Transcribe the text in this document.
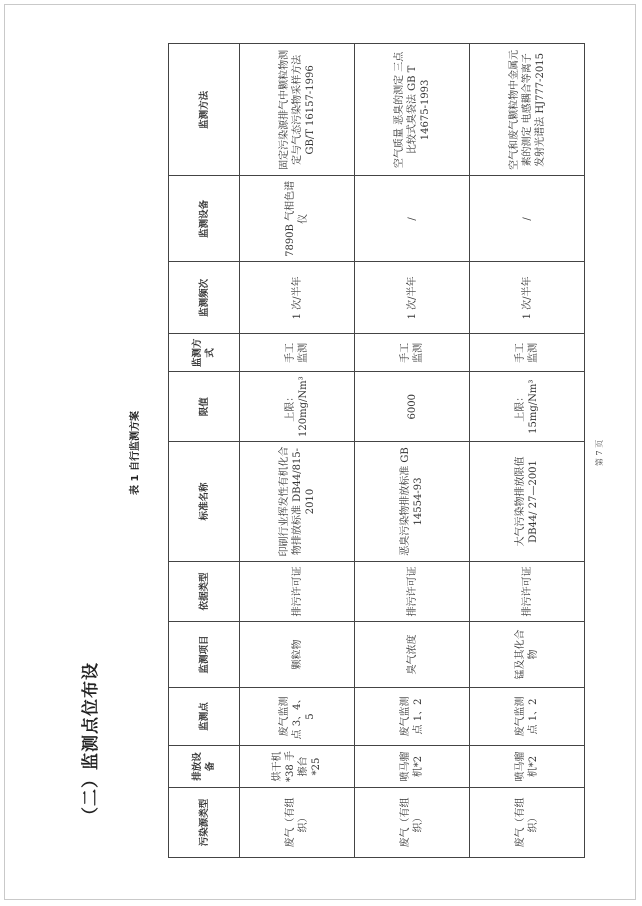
（二）监测点位布设
表 1 自行监测方案
污染源类型	排放设备	监测点	监测项目	依据类型	标准名称	限值	监测方式	监测频次	监测设备	监测方法
废气（有组织）	烘干机*38 手擦台*25	废气监测点 3、4、5	颗粒物	排污许可证	印刷行业挥发性有机化合物排放标准 DB44/815-2010	上限：120mg/Nm³	手工监测	1 次/半年	7890B 气相色谱仪	固定污染源排气中颗粒物测定与气态污染物采样方法 GB/T 16157-1996
废气（有组织）	喷马骝机*2	废气监测点 1、2	臭气浓度	排污许可证	恶臭污染物排放标准 GB 14554-93	6000	手工监测	1 次/半年	/	空气质量 恶臭的测定 三点比较式臭袋法 GB T 14675-1993
废气（有组织）	喷马骝机*2	废气监测点 1、2	锰及其化合物	排污许可证	大气污染物排放限值 DB44/ 27—2001	上限：15mg/Nm³	手工监测	1 次/半年	/	空气和废气颗粒物中金属元素的测定 电感耦合等离子发射光谱法 HJ777-2015
第 7 页
